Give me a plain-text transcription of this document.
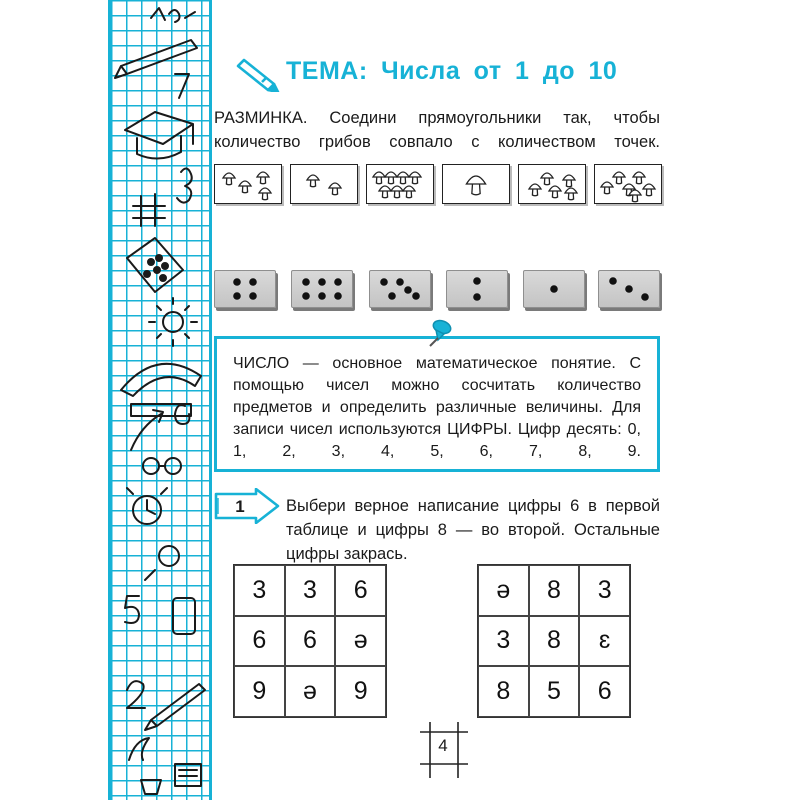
ТЕМА: Числа от 1 до 10

РАЗМИНКА. Соедини прямоугольники так, чтобы количество грибов совпало с количеством точек.

ЧИСЛО — основное математическое понятие. С помощью чисел можно сосчитать количество предметов и определить различные величины. Для записи чисел используются ЦИФРЫ. Цифр десять: 0, 1, 2, 3, 4, 5, 6, 7, 8, 9.

1	Выбери верное написание цифры 6 в первой таблице и цифры 8 — во второй. Остальные цифры закрась.

3	3	6
6	6	ə
9	ə	9
ə	8	3
3	8	ɛ
8	5	6
4
